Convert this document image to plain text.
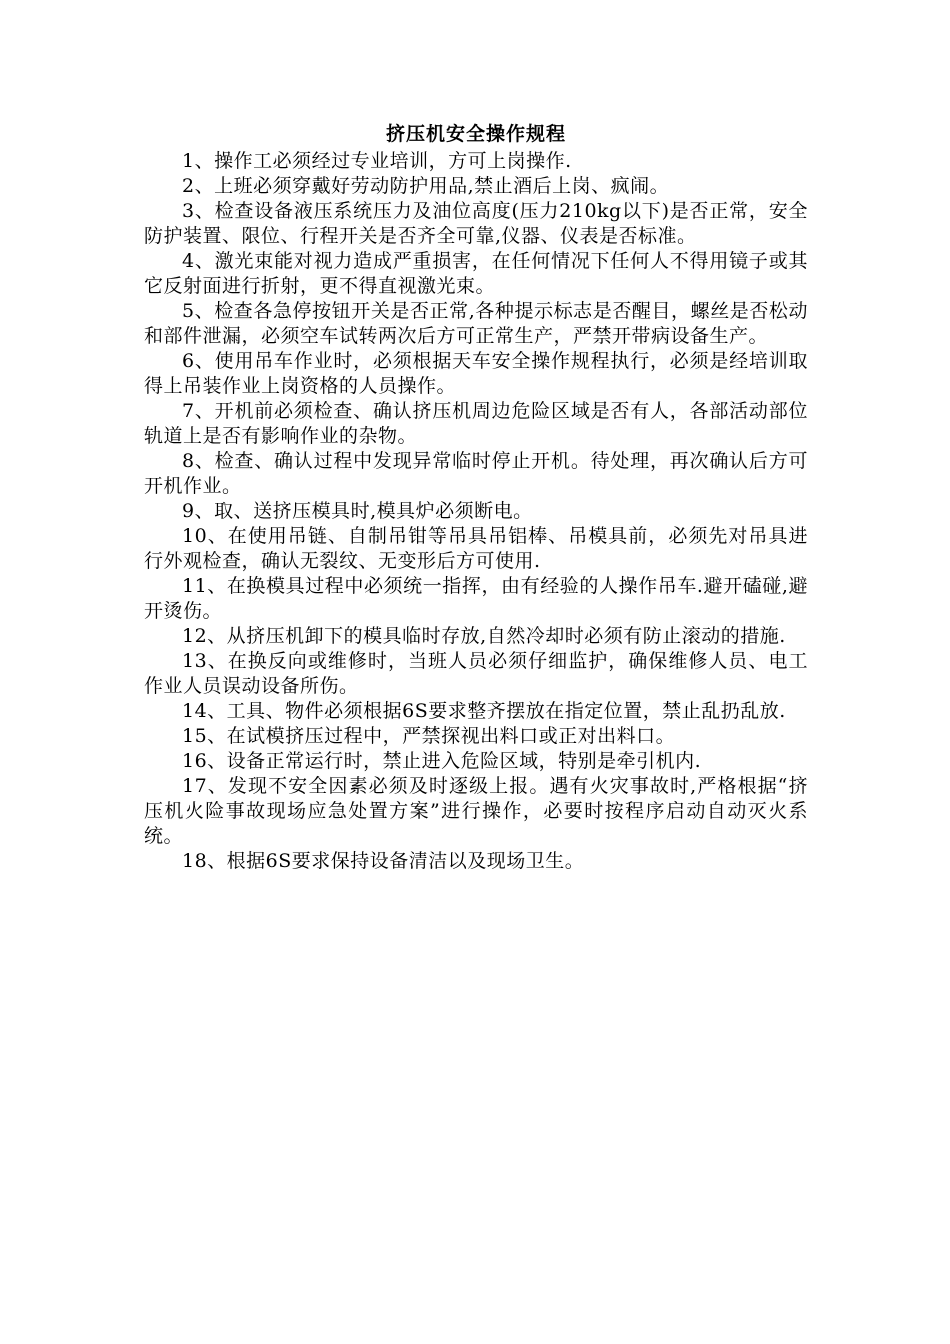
挤压机安全操作规程
1、操作工必须经过专业培训，方可上岗操作.
2、上班必须穿戴好劳动防护用品,禁止酒后上岗、疯闹。
3、检查设备液压系统压力及油位高度(压力210kg以下)是否正常，安全防护装置、限位、行程开关是否齐全可靠,仪器、仪表是否标准。
4、激光束能对视力造成严重损害，在任何情况下任何人不得用镜子或其它反射面进行折射，更不得直视激光束。
5、检查各急停按钮开关是否正常,各种提示标志是否醒目，螺丝是否松动和部件泄漏，必须空车试转两次后方可正常生产，严禁开带病设备生产。
6、使用吊车作业时，必须根据天车安全操作规程执行，必须是经培训取得上吊装作业上岗资格的人员操作。
7、开机前必须检查、确认挤压机周边危险区域是否有人，各部活动部位轨道上是否有影响作业的杂物。
8、检查、确认过程中发现异常临时停止开机。待处理，再次确认后方可开机作业。
9、取、送挤压模具时,模具炉必须断电。
10、在使用吊链、自制吊钳等吊具吊铝棒、吊模具前，必须先对吊具进行外观检查，确认无裂纹、无变形后方可使用.
11、在换模具过程中必须统一指挥，由有经验的人操作吊车.避开磕碰,避开烫伤。
12、从挤压机卸下的模具临时存放,自然冷却时必须有防止滚动的措施.
13、在换反向或维修时，当班人员必须仔细监护，确保维修人员、电工作业人员误动设备所伤。
14、工具、物件必须根据6S要求整齐摆放在指定位置，禁止乱扔乱放.
15、在试模挤压过程中，严禁探视出料口或正对出料口。
16、设备正常运行时，禁止进入危险区域，特别是牵引机内.
17、发现不安全因素必须及时逐级上报。遇有火灾事故时,严格根据“挤压机火险事故现场应急处置方案”进行操作，必要时按程序启动自动灭火系统。
18、根据6S要求保持设备清洁以及现场卫生。
